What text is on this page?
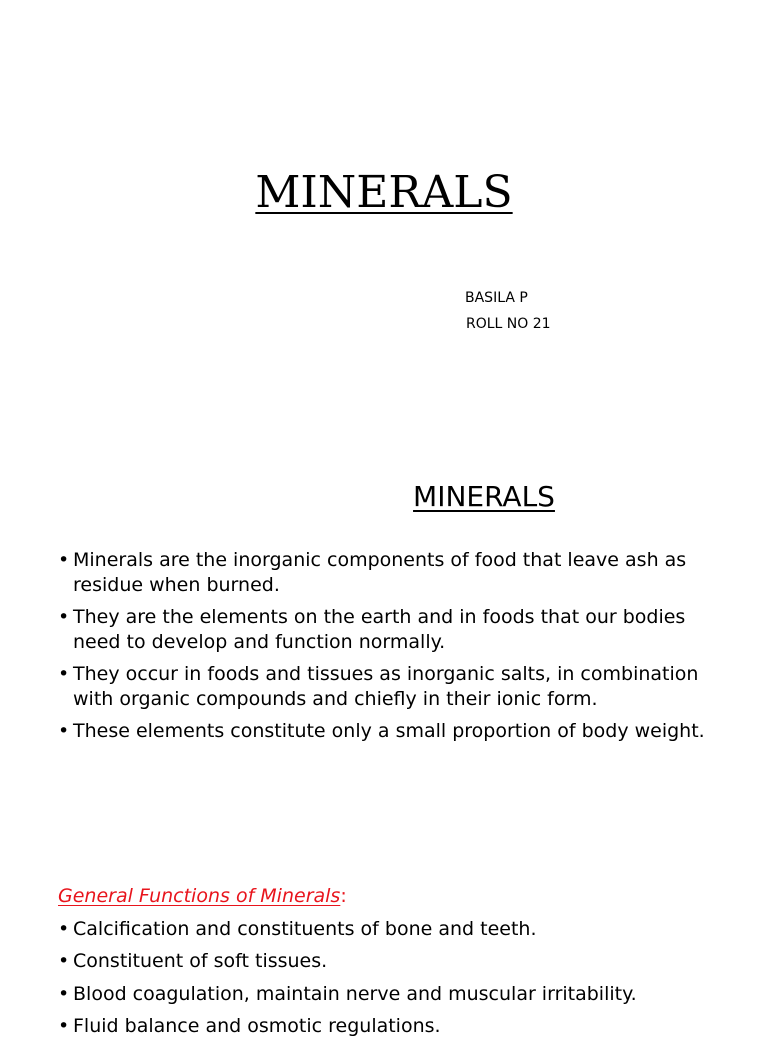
MINERALS
BASILA P
ROLL NO 21
MINERALS
• Minerals are the inorganic components of food that leave ash as residue when burned.
• They are the elements on the earth and in foods that our bodies need to develop and function normally.
• They occur in foods and tissues as inorganic salts, in combination with organic compounds and chiefly in their ionic form.
• These elements constitute only a small proportion of body weight.
General Functions of Minerals:
• Calcification and constituents of bone and teeth.
• Constituent of soft tissues.
• Blood coagulation, maintain nerve and muscular irritability.
• Fluid balance and osmotic regulations.
